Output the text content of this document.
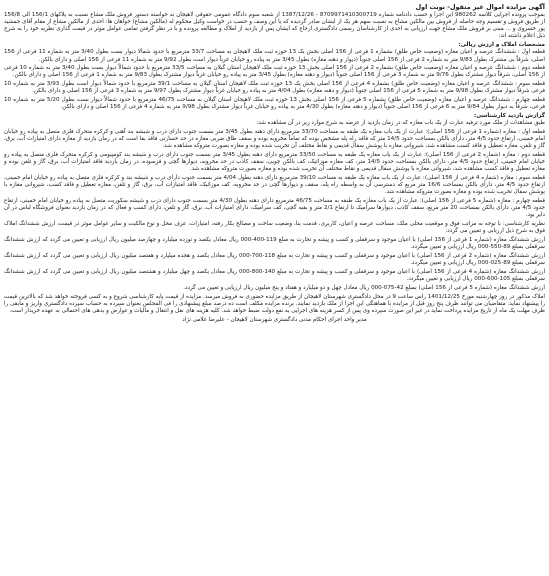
آگهی مزایده اموال غیر منقول- نوبت اول

بموجب پرونده اجرایی کلاسه 980262 این اجرا و حسب دادنامه شماره 8709971410300719 - 1387/12/26 از شعبه سوم دادگاه عمومی حقوقی لاهیجان به خواسته دستور فروش ملک مشاع نسبت به پلاکهای 156/1 الی 156/8 از طریق فروش و تقسیم وجه حاصله از فروش بین مالکین مشاع به نسبت سهم هر یک از ایشان صادر گردیده که با این وصف و حسب در خواست وکیل محکوم له (مالکین مشاع) خواهان ها: احدی از مالکین مشاع از مقام آقای جمشید پور خسروی و ... مبنی بر فروش ملک مشاع جهت ارزیابی به احدی از کارشناسان رسمی دادگستری ارجاع که ایشان پس از بازدید از املاک و مطالعه پرونده و با در نظر گرفتن تمامی عوامل موثر در قیمت گذاری نظریه خود را به شرح ذیل اعلام داشته اند:

مشخصات املاک و ارزش ریالی:

قطعه اول : ششدانگ عرصه و اعیان مغازه (وضعیت خاص طلق) بشماره 1 فرعی از 156 اصلی بخش یک 13 حوزه ثبت ملک لاهیجان به مساحت 33/7 مترمربع با حدود شمالا دیوار بست بطول 3/40 متر به شماره 11 فرعی از 156 اصلی، شرقاً بی مشترک بطول 9/83 متر به شماره 2 فرعی از 156 اصلی جنوباً (دیوار و دهنه مغازه) بطول 3/45 متر به پیاده رو خیابان غرباً دیوار است بطول 9/92 متر به شماره 11 فرعی از 156 اصلی و دارای بالکن.

قطعه دوم : ششدانگ عرصه و اعیان مغازه (وضعیت خاص طلق) بشماره 2 فرعی از 156 اصلی بخش 13 حوزه ثبت ملک لاهیجان استان گیلان به مساحت 33/5 مترمربع با حدود شمالاً دیوار بست بطول 3/40 متر به شماره 10 فرعی از 156 اصلی، شرقاً دیوار مشترک بطول 9/76 متر به شماره 3 فرعی از 156 اصلی جنوباً (دیوار و دهنه مغازه) بطول 3/45 متر به پیاده رو خیابان غرباً دیوار مشترک بطول 9/83 متر به شماره 1 فرعی از 156 اصلی و دارای بالکن.

قطعه سوم : ششدانگ عرصه و اعیان مغازه (وضعیت خاص طلق) بشماره 4 فرعی از 156 اصلی بخش یک 13 حوزه ثبت ملک لاهیجان استان گیلان به مساحت 39/1 مترمربع با حدود شمالاً دیوار است بطول 3/93 متر به شماره 10 فرعی شرقاً دیوار مشترک بطول 9/98 متر به شماره 5 فرعی از 156 اصلی جنوباً (دیوار و دهنه مغازه) بطول 4/04 متر به پیاده رو خیابان غرباً دیوار مشترک بطول 9/97 متر به شماره 3 فرعی از 156 اصلی و دارای بالکن.

قطعه چهارم : ششدانگ عرصه و اعیان مغازه (وضعیت خاص طلق) بشماره 5 فرعی از 156 اصلی بخش 13 حوزه ثبت ملک لاهیجان استان گیلان به مساحت 46/75 مترمربع با حدود شمالاً دیوار بست بطول 5/20 متر به شماره 10 فرعی، شرقاً به دیوار بطول 9/84 متر به 6 فرعی از 156 اصلی جنوباً (دیوار و دهنه مغازه) بطول 4/30 متر به پیاده رو خیابان غرباً دیوار مشترک بطول 9/98 متر به شماره 4 فرعی از 156 اصلی و دارای بالکن.

گزارش بازدید کارشناسی:

طبق مشاهدات از ملک مورد ترفیه عبارت از یک باب مغازه که در زمان بازدید از عرصه به شرح موارد زیر در آن مشاهده شد:

قطعه اول : مغازه (شماره 1 فرعی از 156 اصلی): عبارت از یک باب مغازه یک طبقه به مساحت 33/70 مترمربع دارای دهنه بطول 3/45 متر بسمت جنوب دارای درب و شیشه بند آهنی و کرکره متحرک فلزی متصل به پیاده رو خیابان امام خمینی، ارتفاع حدود 4/5 متر، دارای بالکن بمساحت حدود 14/5 متر که فاقد راه پله مشخص بوده که تماماً مخروبه بوده و سقف طاق ضربی مغازه در حد خسارتی فاقد بقا است که در زمان بازدید از مغازه دارای امتیازات آب، برق، گاز و تلفن، مغازه تعطیل و فاقد کسب مشاهده شد، شیروانی مغازه با پوشش سفال قدیمی و نقاط مختلف آن تخریب شده بوده و مغازه بصورت متروکه مشاهده شد.

قطعه دوم : مغازه (شماره 2 فرعی از 156 اصلی): عبارت از یک باب مغازه یک طبقه به مساحت 33/50 مترمربع دارای دهنه بطول 3/45 متر بسمت جنوب دارای درب و شیشه بند کومپیومی و کرکره متحرک فلزی متصل به پیاده رو خیابان امام خمینی، ارتفاع حدود 4/5 متر، دارای بالکن بمساحت حدود 14/5 متر، کف مغازه موزائیک، کف بالکن چوبی، سقف کاذب در حد مخروبه، دیوارها گچی و فرسوده، در زمان بازدید فاقد امتیازات آب، برق، گاز و تلفن بوده و مغازه تعطیل و فاقد کسب مشاهده شد، شیروانی مغازه با پوشش سفال قدیمی و نقاط مختلف آن تخریب شده بوده و مغازه بصورت متروکه مشاهده شد.

قطعه سوم : مغازه (شماره 4 فرعی از 156 اصلی): عبارت از یک باب مغازه یک طبقه به مساحت 39/10 مترمربع دارای دهنه بطول 4/04 متر بسمت جنوب دارای درب و شیشه بند و کرکره فلزی متصل به پیاده رو خیابان امام خمینی، ارتفاع حدود 4/5 متر، دارای بالکن بمساحت 16/6 متر مربع که دسترسی آن به واسطه راه پله، سقف و دیوارها گچی در حد مخروبه، کف موزائیک، فاقد امتیازات آب، برق، گاز و تلفن، مغازه تعطیل و فاقد کسب، شیروانی مغازه با پوشش سفال تخریب شده بوده و مغازه بصورت متروکه مشاهده شد.

قطعه چهارم : مغازه (شماره 5 فرعی از 156 اصلی): عبارت از یک باب مغازه یک طبقه به مساحت 46/75 مترمربع دارای دهنه بطول 4/30 متر بسمت جنوب دارای درب و شیشه سکوریت متصل به پیاده رو خیابان امام خمینی، ارتفاع حدود 4/5 متر، دارای بالکن بمساحت 20 متر مربع، سقف کاذب، دیوارها سرامیک تا ارتفاع 2/1 متر و بقیه گچی، کف سرامیک، دارای امتیازات آب، برق، گاز و تلفن، دارای کسب و فعال که در زمان بازدید بعنوان فروشگاه لباس در آن دایر بود.

نظریه کارشناسی: با توجه به مراتب فوق و موقعیت محلی ملک، مساحت عرصه و اعیان، کاربری، قدمت بنا، وضعیت ساخت و مصالح بکار رفته، امتیازات، عرف محل و نوع مالکیت و سایر عوامل موثر در قیمت، ارزش ششدانگ املاک فوق به شرح ذیل ارزیابی و تعیین می گردد:

ارزش ششدانگ مغازه (شماره 1 فرعی از 156 اصلی) با اعیان موجود و سرقفلی و کسب و پیشه و تجارت به مبلغ 119-400-000 ریال معادل یکصد و نوزده میلیارد و چهارصد میلیون ریال ارزیابی و تعیین می گردد که ارزش ششدانگ سرقفلی بمبلغ 89-550-000 ریال ارزیابی و تعیین میگردد.

ارزش ششدانگ مغازه (شماره 2 فرعی از 156 اصلی) با اعیان موجود و سرقفلی و کسب و پیشه و تجارت به مبلغ 118-700-000 ریال معادل یکصد و هجده میلیارد و هفتصد میلیون ریال ارزیابی و تعیین می گردد که ارزش ششدانگ سرقفلی بمبلغ 89-025-000 ریال ارزیابی و تعیین میگردد.

ارزش ششدانگ مغازه (شماره 4 فرعی از 156 اصلی) با اعیان موجود و سرقفلی و کسب و پیشه و تجارت به مبلغ 140-800-000 ریال معادل یکصد و چهل میلیارد و هشتصد میلیون ریال ارزیابی و تعیین می گردد که ارزش ششدانگ سرقفلی بمبلغ 105-600-000 ریال ارزیابی و تعیین میگردد.

ارزش ششدانگ مغازه (شماره 5 فرعی از 156 اصلی) بمبلغ 42-075-000 ریال معادل چهل و دو میلیارد و هفتاد و پنج میلیون ریال ارزیابی و تعیین می گردد.

املاک مذکور در روز چهارشنبه مورخ 1401/12/25 راس ساعت 9 در محل دادگستری شهرستان لاهیجان از طریق مزایده حضوری به فروش میرسد. مزایده از قیمت پایه کارشناسی شروع و به کسی فروخته خواهد شد که بالاترین قیمت را پیشنهاد نماید. متقاضیان می توانند ظرف پنج روز قبل از مزایده با هماهنگی این اجرا از ملک بازدید نمایند. برنده مزایده مکلف است ده درصد مبلغ پیشنهادی را فی المجلس بعنوان سپرده به حساب سپرده دادگستری واریز و مابقی را ظرف مهلت یک ماه از تاریخ مزایده پرداخت نماید در غیر این صورت سپرده وی پس از کسر هزینه های اجرایی به نفع دولت ضبط خواهد شد. کلیه هزینه های نقل و انتقال و مالیات و عوارض و بدهی های احتمالی به عهده خریدار است.

مدیر واحد اجرای احکام مدنی دادگستری شهرستان لاهیجان - علیرضا غلامی نژاد
